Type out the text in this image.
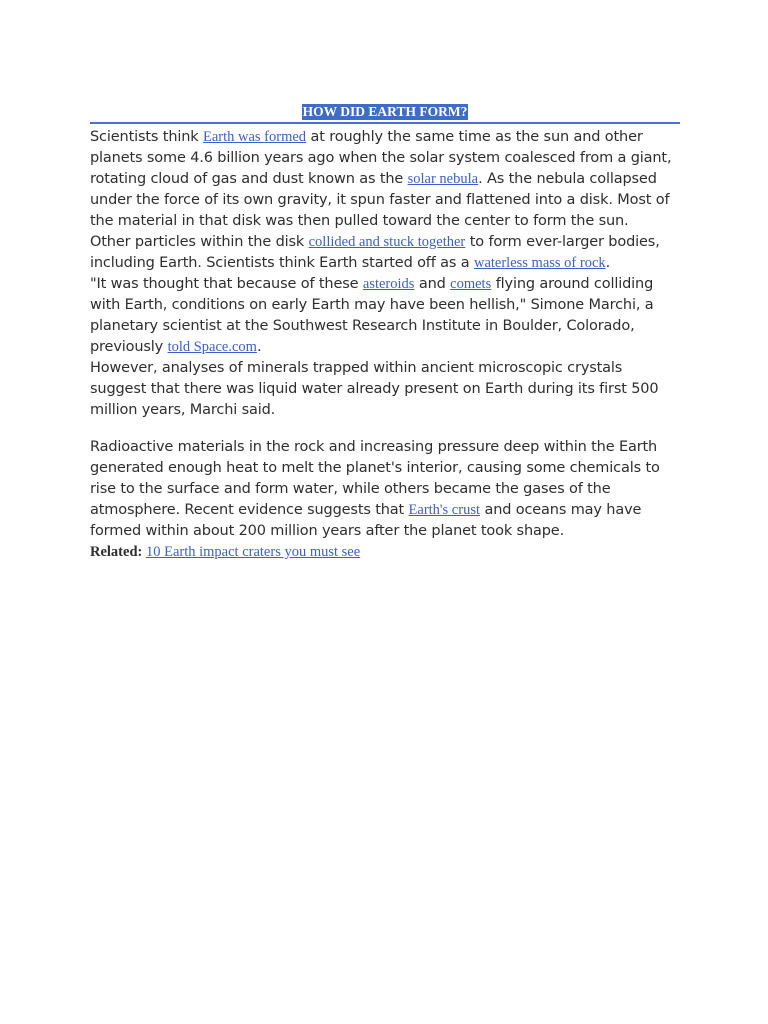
HOW DID EARTH FORM?

Scientists think Earth was formed at roughly the same time as the sun and other planets some 4.6 billion years ago when the solar system coalesced from a giant, rotating cloud of gas and dust known as the solar nebula. As the nebula collapsed under the force of its own gravity, it spun faster and flattened into a disk. Most of the material in that disk was then pulled toward the center to form the sun.

Other particles within the disk collided and stuck together to form ever-larger bodies, including Earth. Scientists think Earth started off as a waterless mass of rock.

"It was thought that because of these asteroids and comets flying around colliding with Earth, conditions on early Earth may have been hellish," Simone Marchi, a planetary scientist at the Southwest Research Institute in Boulder, Colorado, previously told Space.com.

However, analyses of minerals trapped within ancient microscopic crystals suggest that there was liquid water already present on Earth during its first 500 million years, Marchi said.

Radioactive materials in the rock and increasing pressure deep within the Earth generated enough heat to melt the planet's interior, causing some chemicals to rise to the surface and form water, while others became the gases of the atmosphere. Recent evidence suggests that Earth's crust and oceans may have formed within about 200 million years after the planet took shape.

Related: 10 Earth impact craters you must see
